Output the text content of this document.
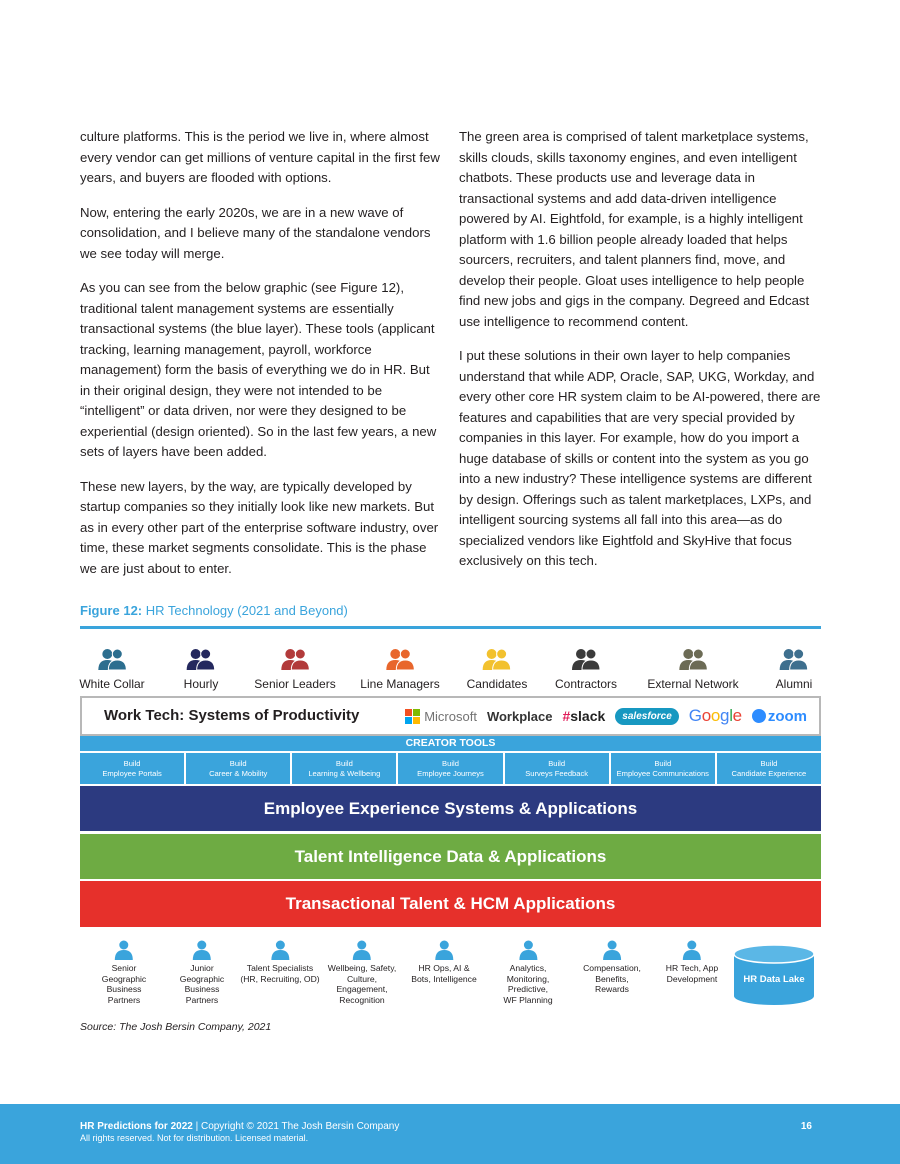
culture platforms. This is the period we live in, where almost every vendor can get millions of venture capital in the first few years, and buyers are flooded with options.

Now, entering the early 2020s, we are in a new wave of consolidation, and I believe many of the standalone vendors we see today will merge.

As you can see from the below graphic (see Figure 12), traditional talent management systems are essentially transactional systems (the blue layer). These tools (applicant tracking, learning management, payroll, workforce management) form the basis of everything we do in HR. But in their original design, they were not intended to be “intelligent” or data driven, nor were they designed to be experiential (design oriented). So in the last few years, a new sets of layers have been added.

These new layers, by the way, are typically developed by startup companies so they initially look like new markets. But as in every other part of the enterprise software industry, over time, these market segments consolidate. This is the phase we are just about to enter.

The green area is comprised of talent marketplace systems, skills clouds, skills taxonomy engines, and even intelligent chatbots. These products use and leverage data in transactional systems and add data-driven intelligence powered by AI. Eightfold, for example, is a highly intelligent platform with 1.6 billion people already loaded that helps sourcers, recruiters, and talent planners find, move, and develop their people. Gloat uses intelligence to help people find new jobs and gigs in the company. Degreed and Edcast use intelligence to recommend content.

I put these solutions in their own layer to help companies understand that while ADP, Oracle, SAP, UKG, Workday, and every other core HR system claim to be AI-powered, there are features and capabilities that are very special provided by companies in this layer. For example, how do you import a huge database of skills or content into the system as you go into a new industry? These intelligence systems are different by design. Offerings such as talent marketplaces, LXPs, and intelligent sourcing systems all fall into this area—as do specialized vendors like Eightfold and SkyHive that focus exclusively on this tech.

Figure 12: HR Technology (2021 and Beyond)
White Collar	Hourly	Senior Leaders Line Managers Candidates Contractors	External Network	Alumni
Work Tech: Systems of Productivity	Microsoft Workplace #slack	salesforce	Google zoom
CREATOR TOOLS
Build
Employee Portals
Build
Career & Mobility
Build
Learning & Wellbeing
Build
Employee Journeys
Build
Surveys Feedback
Build
Employee Communications
Build
Candidate Experience
Employee Experience Systems & Applications
Talent Intelligence Data & Applications
Transactional Talent & HCM Applications
HR Data Lake
Senior
Geographic
Business
Partners
Junior
Geographic
Business
Partners
Talent Specialists
(HR, Recruiting, OD)
Wellbeing, Safety,
Culture,
Engagement,
Recognition
HR Ops, AI &
Bots, Intelligence
Analytics,
Monitoring,
Predictive,
WF Planning
Compensation,
Benefits,
Rewards
HR Tech, App
Development
Source: The Josh Bersin Company, 2021
HR Predictions for 2022 | Copyright © 2021 The Josh Bersin Company
All rights reserved. Not for distribution. Licensed material.
16
